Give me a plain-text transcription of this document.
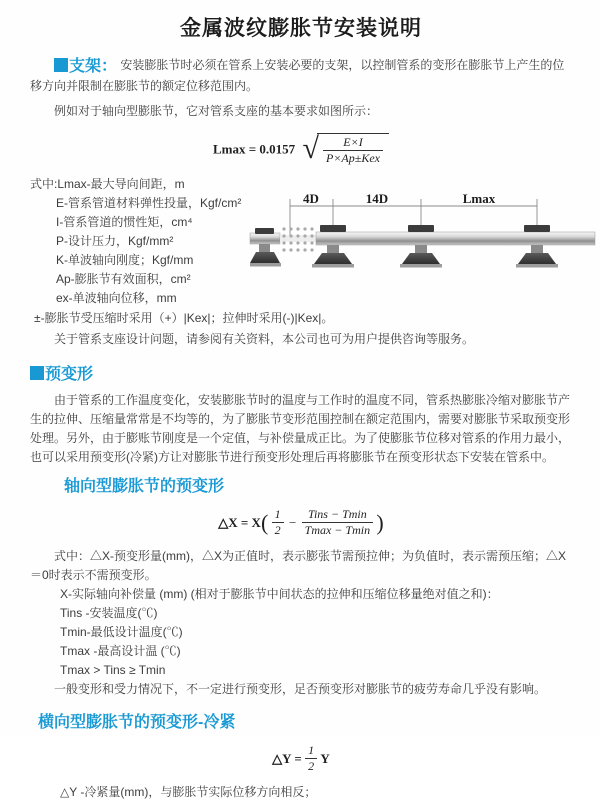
金属波纹膨胀节安装说明

支架： 安装膨胀节时必须在管系上安装必要的支架，以控制管系的变形在膨胀节上产生的位移方向并限制在膨胀节的额定位移范围内。

例如对于轴向型膨胀节，它对管系支座的基本要求如图所示：

Lmax = 0.0157 √ $\frac{E\times I}{\text{P×Ap±Kex}}$
式中:Lmax-最大导向间距，m
E-管系管道材料弹性投量，Kgf/cm²
I-管系管道的惯性矩，cm⁴
P-设计压力，Kgf/mm²
K-单波轴向刚度；Kgf/mm
Ap-膨胀节有效面积，cm²
ex-单波轴向位移，mm
±-膨胀节受压缩时采用（+）|Kex|；拉伸时采用(-)|Kex|。
关于管系支座设计问题，请参阅有关资料，本公司也可为用户提供咨询等服务。
预变形

由于管系的工作温度变化，安装膨胀节时的温度与工作时的温度不同，管系热膨胀冷缩对膨胀节产生的拉伸、压缩量常常是不均等的，为了膨胀节变形范围控制在额定范围内，需要对膨胀节采取预变形处理。另外，由于膨账节刚度是一个定值，与补偿量成正比。为了使膨胀节位移对管系的作用力最小，也可以采用预变形(冷紧)方让对膨胀节进行预变形处理后再将膨胀节在预变形状态下安装在管系中。

轴向型膨胀节的预变形
△X = $X( \frac{1}{2} - \frac{\text{Tins − Tmin}}{Tmax - Tmin}$ )

式中：△X-预变形量(mm)，△X为正值时，表示膨张节需预拉伸；为负值时，表示需预压缩；△X＝0时表示不需预变形。

X-实际轴向补偿量 (mm) (相对于膨胀节中间状态的拉伸和压缩位移量绝对值之和)：

Tins -安装温度(℃)

Tmin-最低设计温度(℃)

Tmax -最高设计温 (℃)

Tmax > Tins ≥ Tmin

一般变形和受力情况下，不一定进行预变形，足否预变形对膨胀节的疲劳寿命几乎没有影响。

横向型膨胀节的预变形-冷紧
△Y = $\frac{1}{2}$ Y

△Y -冷紧量(mm)，与膨胀节实际位移方向相反；

4D	14D	Lmax
